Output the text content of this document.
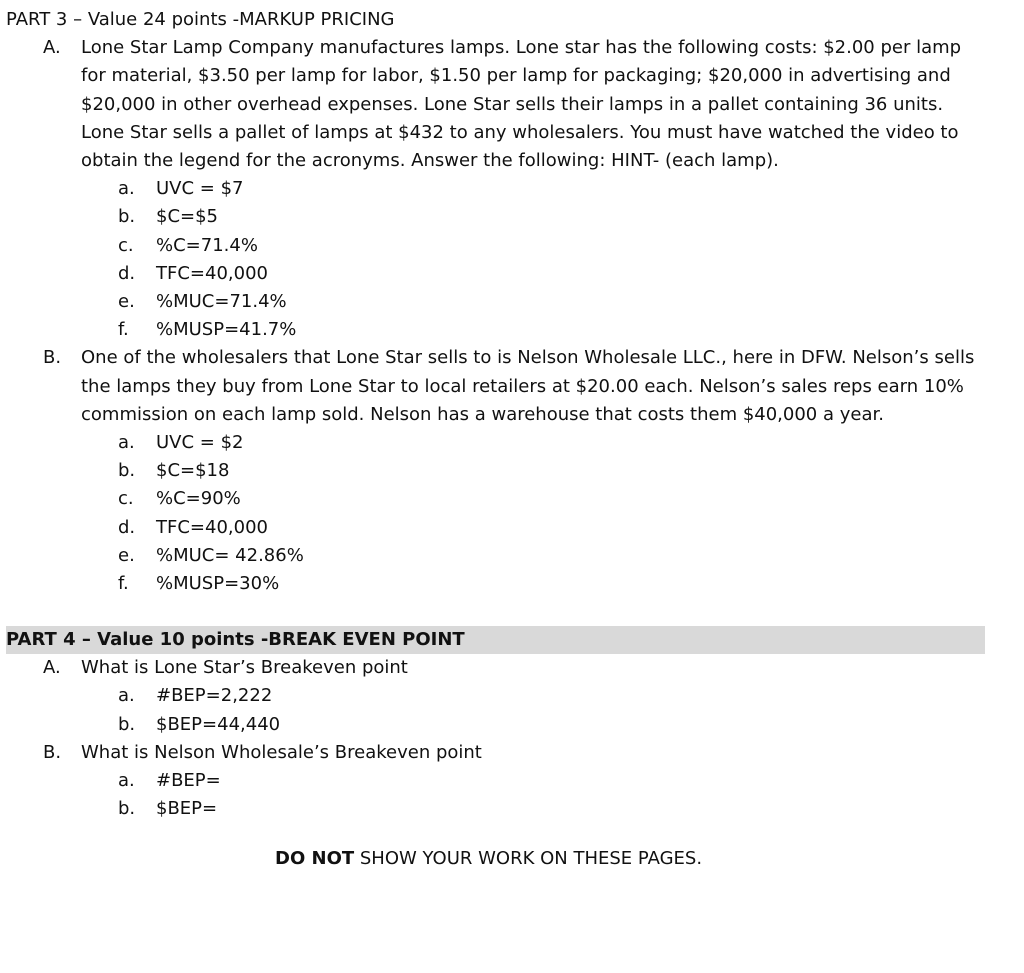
PART 3 – Value 24 points -MARKUP PRICING
A. Lone Star Lamp Company manufactures lamps. Lone star has the following costs: $2.00 per lamp for material, $3.50 per lamp for labor, $1.50 per lamp for packaging; $20,000 in advertising and $20,000 in other overhead expenses. Lone Star sells their lamps in a pallet containing 36 units. Lone Star sells a pallet of lamps at $432 to any wholesalers. You must have watched the video to obtain the legend for the acronyms. Answer the following: HINT- (each lamp).
a. UVC = $7
b. $C=$5
c. %C=71.4%
d. TFC=40,000
e. %MUC=71.4%
f. %MUSP=41.7%
B. One of the wholesalers that Lone Star sells to is Nelson Wholesale LLC., here in DFW. Nelson’s sells the lamps they buy from Lone Star to local retailers at $20.00 each. Nelson’s sales reps earn 10% commission on each lamp sold. Nelson has a warehouse that costs them $40,000 a year.
a. UVC = $2
b. $C=$18
c. %C=90%
d. TFC=40,000
e. %MUC= 42.86%
f. %MUSP=30%
PART 4 – Value 10 points -BREAK EVEN POINT
A. What is Lone Star’s Breakeven point
a. #BEP=2,222
b. $BEP=44,440
B. What is Nelson Wholesale’s Breakeven point
a. #BEP=
b. $BEP=
DO NOT SHOW YOUR WORK ON THESE PAGES.
